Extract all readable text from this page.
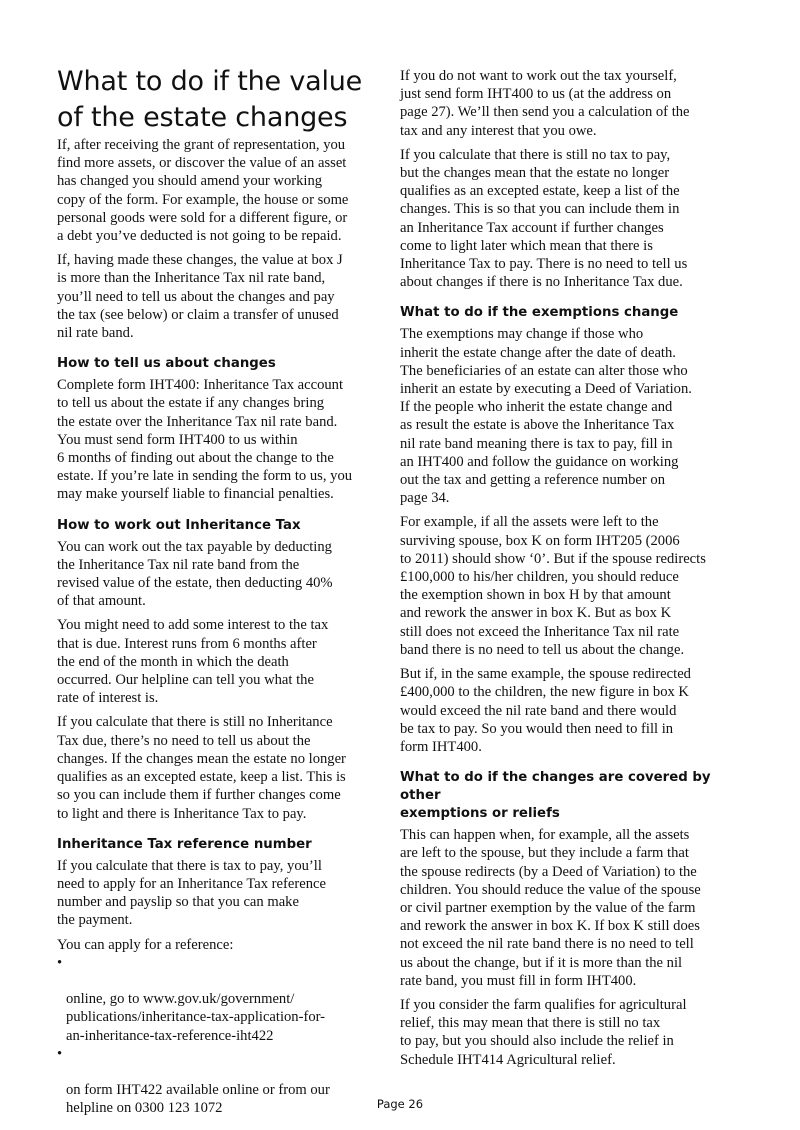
What to do if the value
of the estate changes

If, after receiving the grant of representation, you
find more assets, or discover the value of an asset
has changed you should amend your working
copy of the form. For example, the house or some
personal goods were sold for a different figure, or
a debt you’ve deducted is not going to be repaid.

If, having made these changes, the value at box J
is more than the Inheritance Tax nil rate band,
you’ll need to tell us about the changes and pay
the tax (see below) or claim a transfer of unused
nil rate band.

How to tell us about changes

Complete form IHT400: Inheritance Tax account
to tell us about the estate if any changes bring
the estate over the Inheritance Tax nil rate band.
You must send form IHT400 to us within
6 months of finding out about the change to the
estate. If you’re late in sending the form to us, you
may make yourself liable to financial penalties.

How to work out Inheritance Tax

You can work out the tax payable by deducting
the Inheritance Tax nil rate band from the
revised value of the estate, then deducting 40%
of that amount.

You might need to add some interest to the tax
that is due. Interest runs from 6 months after
the end of the month in which the death
occurred. Our helpline can tell you what the
rate of interest is.

If you calculate that there is still no Inheritance
Tax due, there’s no need to tell us about the
changes. If the changes mean the estate no longer
qualifies as an excepted estate, keep a list. This is
so you can include them if further changes come
to light and there is Inheritance Tax to pay.

Inheritance Tax reference number

If you calculate that there is tax to pay, you’ll
need to apply for an Inheritance Tax reference
number and payslip so that you can make
the payment.

You can apply for a reference:

•

online, go to www.gov.uk/government/
publications/inheritance-tax-application-for-
an-inheritance-tax-reference-iht422

•

on form IHT422 available online or from our
helpline on 0300 123 1072

If you do not want to work out the tax yourself,
just send form IHT400 to us (at the address on
page 27). We’ll then send you a calculation of the
tax and any interest that you owe.

If you calculate that there is still no tax to pay,
but the changes mean that the estate no longer
qualifies as an excepted estate, keep a list of the
changes. This is so that you can include them in
an Inheritance Tax account if further changes
come to light later which mean that there is
Inheritance Tax to pay. There is no need to tell us
about changes if there is no Inheritance Tax due.

What to do if the exemptions change

The exemptions may change if those who
inherit the estate change after the date of death.
The beneficiaries of an estate can alter those who
inherit an estate by executing a Deed of Variation.
If the people who inherit the estate change and
as result the estate is above the Inheritance Tax
nil rate band meaning there is tax to pay, fill in
an IHT400 and follow the guidance on working
out the tax and getting a reference number on
page 34.

For example, if all the assets were left to the
surviving spouse, box K on form IHT205 (2006
to 2011) should show ‘0’. But if the spouse redirects
£100,000 to his/her children, you should reduce
the exemption shown in box H by that amount
and rework the answer in box K. But as box K
still does not exceed the Inheritance Tax nil rate
band there is no need to tell us about the change.

But if, in the same example, the spouse redirected
£400,000 to the children, the new figure in box K
would exceed the nil rate band and there would
be tax to pay. So you would then need to fill in
form IHT400.

What to do if the changes are covered by other
exemptions or reliefs

This can happen when, for example, all the assets
are left to the spouse, but they include a farm that
the spouse redirects (by a Deed of Variation) to the
children. You should reduce the value of the spouse
or civil partner exemption by the value of the farm
and rework the answer in box K. If box K still does
not exceed the nil rate band there is no need to tell
us about the change, but if it is more than the nil
rate band, you must fill in form IHT400.

If you consider the farm qualifies for agricultural
relief, this may mean that there is still no tax
to pay, but you should also include the relief in
Schedule IHT414 Agricultural relief.

Page 26
